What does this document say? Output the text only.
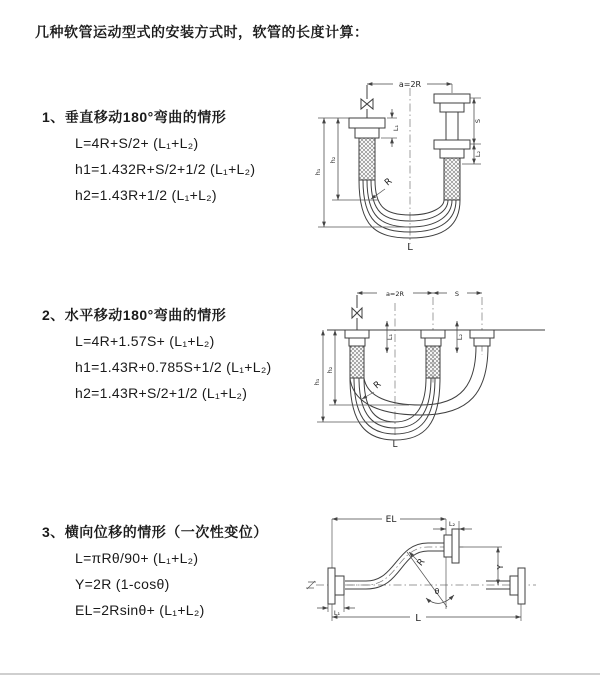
几种软管运动型式的安装方式时，软管的长度计算：
1、垂直移动180°弯曲的情形
L=4R+S/2+ (L₁+L₂)
h1=1.432R+S/2+1/2 (L₁+L₂)
h2=1.43R+1/2 (L₁+L₂)
2、水平移动180°弯曲的情形
L=4R+1.57S+ (L₁+L₂)
h1=1.43R+0.785S+1/2 (L₁+L₂)
h2=1.43R+S/2+1/2 (L₁+L₂)
3、横向位移的情形（一次性变位）
L=πRθ/90+ (L₁+L₂)
Y=2R (1-cosθ)
EL=2Rsinθ+ (L₁+L₂)
a=2R
S
L₂
L₁
h₁
h₂
R
L
a=2R	S
h₁
h₂
L₁	L₂
R
L
EL	L₂
Y
R
θ
L
L₁
